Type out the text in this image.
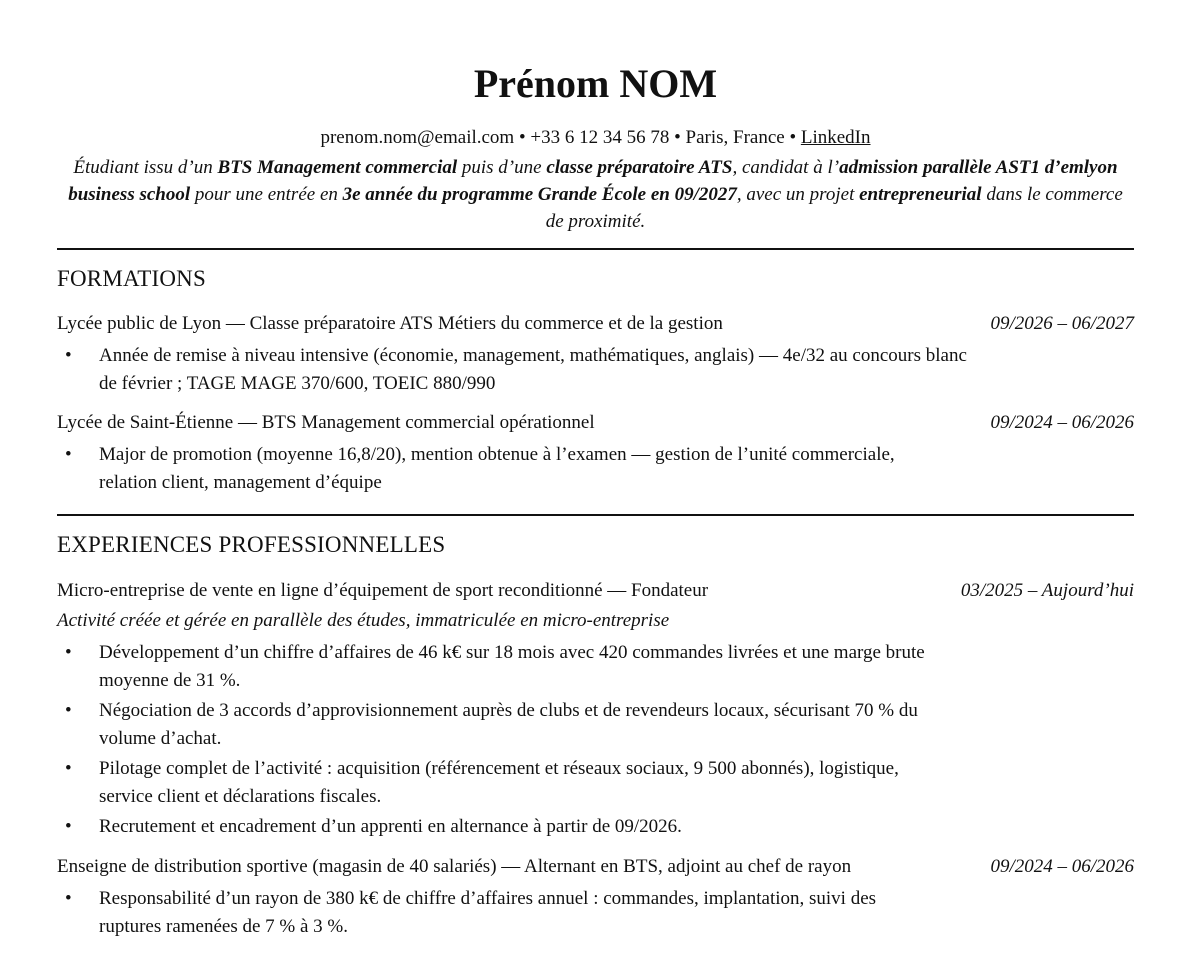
Prénom NOM
prenom.nom@email.com • +33 6 12 34 56 78 • Paris, France • LinkedIn
Étudiant issu d’un BTS Management commercial puis d’une classe préparatoire ATS, candidat à l’admission parallèle AST1 d’emlyon business school pour une entrée en 3e année du programme Grande École en 09/2027, avec un projet entrepreneurial dans le commerce de proximité.
FORMATIONS
Lycée public de Lyon — Classe préparatoire ATS Métiers du commerce et de la gestion	09/2026 – 06/2027
• Année de remise à niveau intensive (économie, management, mathématiques, anglais) — 4e/32 au concours blanc de février ; TAGE MAGE 370/600, TOEIC 880/990
Lycée de Saint-Étienne — BTS Management commercial opérationnel	09/2024 – 06/2026
• Major de promotion (moyenne 16,8/20), mention obtenue à l’examen — gestion de l’unité commerciale, relation client, management d’équipe
EXPERIENCES PROFESSIONNELLES
Micro-entreprise de vente en ligne d’équipement de sport reconditionné — Fondateur	03/2025 – Aujourd’hui
Activité créée et gérée en parallèle des études, immatriculée en micro-entreprise
• Développement d’un chiffre d’affaires de 46 k€ sur 18 mois avec 420 commandes livrées et une marge brute moyenne de 31 %.
• Négociation de 3 accords d’approvisionnement auprès de clubs et de revendeurs locaux, sécurisant 70 % du volume d’achat.
• Pilotage complet de l’activité : acquisition (référencement et réseaux sociaux, 9 500 abonnés), logistique, service client et déclarations fiscales.
• Recrutement et encadrement d’un apprenti en alternance à partir de 09/2026.
Enseigne de distribution sportive (magasin de 40 salariés) — Alternant en BTS, adjoint au chef de rayon	09/2024 – 06/2026
• Responsabilité d’un rayon de 380 k€ de chiffre d’affaires annuel : commandes, implantation, suivi des ruptures ramenées de 7 % à 3 %.
